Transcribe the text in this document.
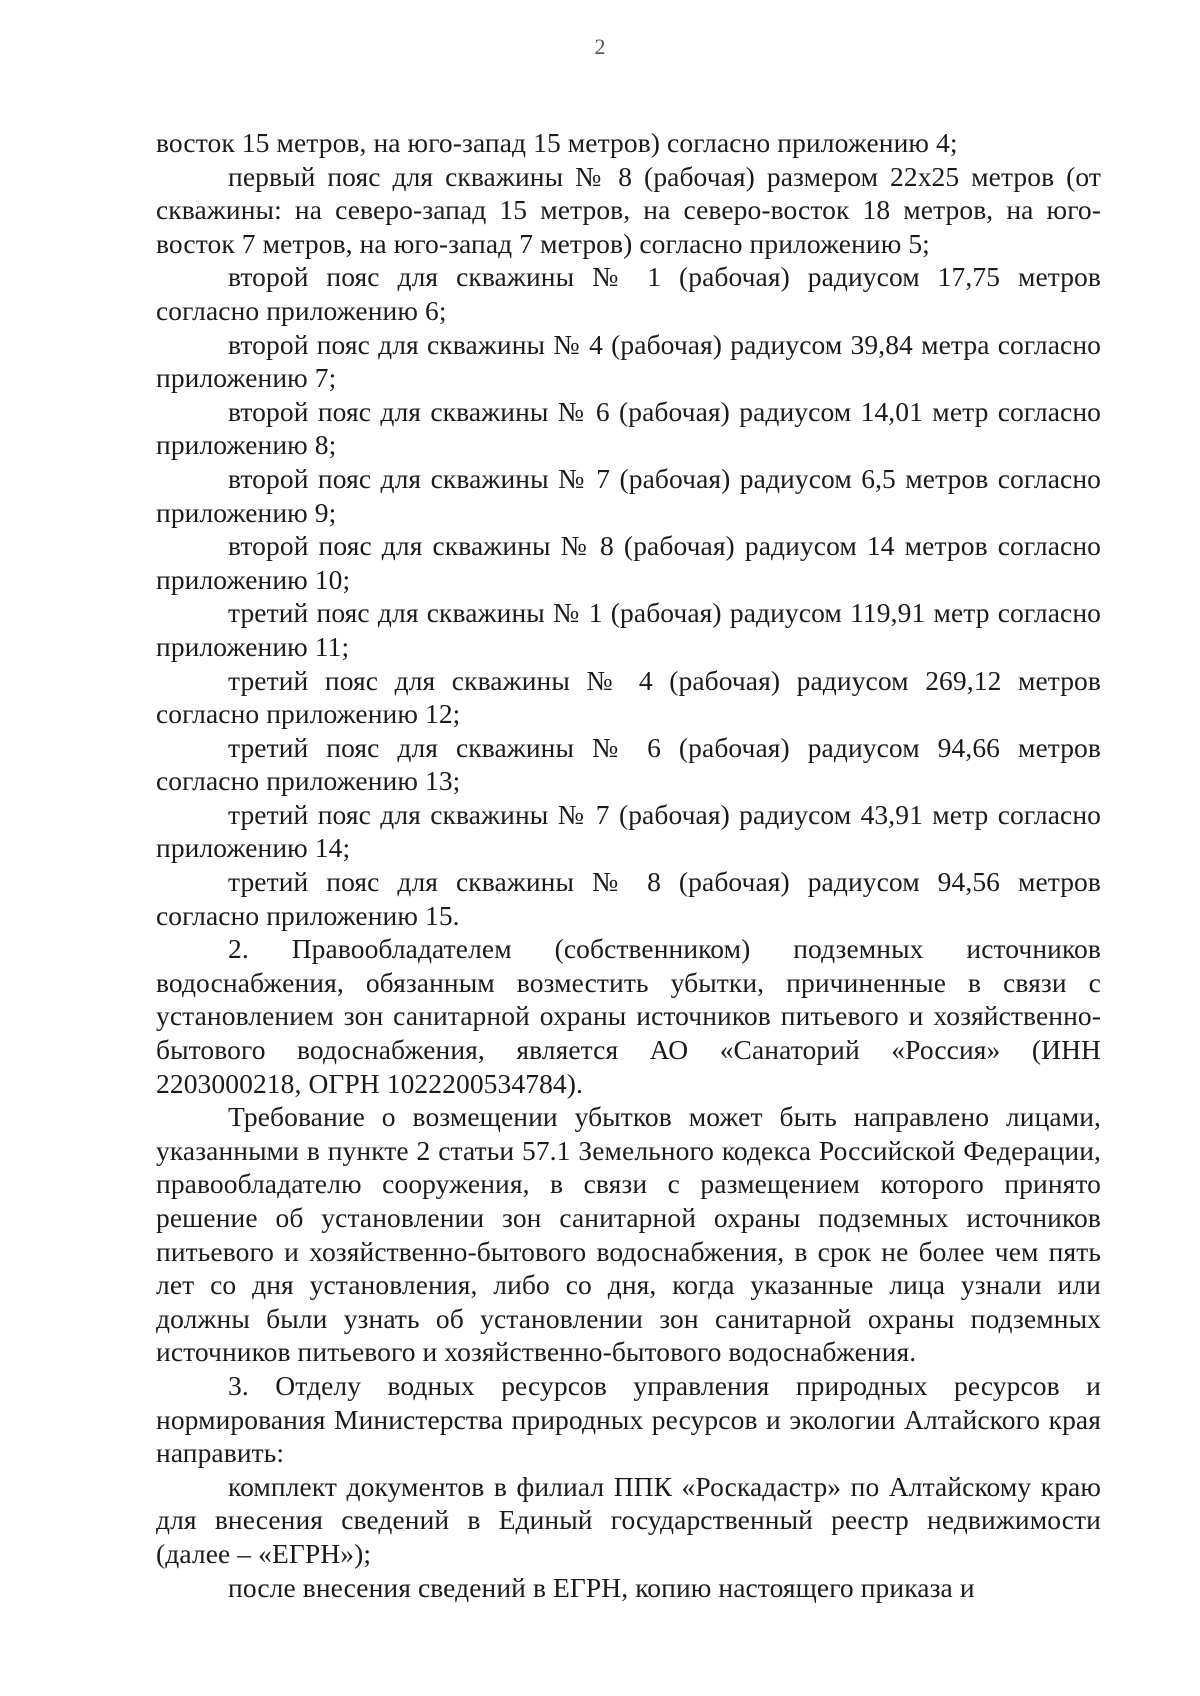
2

восток 15 метров, на юго-запад 15 метров) согласно приложению 4;

первый пояс для скважины № 8 (рабочая) размером 22х25 метров (от скважины: на северо-запад 15 метров, на северо-восток 18 метров, на юго-восток 7 метров, на юго-запад 7 метров) согласно приложению 5;

второй пояс для скважины № 1 (рабочая) радиусом 17,75 метров согласно приложению 6;

второй пояс для скважины № 4 (рабочая) радиусом 39,84 метра согласно приложению 7;

второй пояс для скважины № 6 (рабочая) радиусом 14,01 метр согласно приложению 8;

второй пояс для скважины № 7 (рабочая) радиусом 6,5 метров согласно приложению 9;

второй пояс для скважины № 8 (рабочая) радиусом 14 метров согласно приложению 10;

третий пояс для скважины № 1 (рабочая) радиусом 119,91 метр согласно приложению 11;

третий пояс для скважины № 4 (рабочая) радиусом 269,12 метров согласно приложению 12;

третий пояс для скважины № 6 (рабочая) радиусом 94,66 метров согласно приложению 13;

третий пояс для скважины № 7 (рабочая) радиусом 43,91 метр согласно приложению 14;

третий пояс для скважины № 8 (рабочая) радиусом 94,56 метров согласно приложению 15.

2. Правообладателем (собственником) подземных источников водоснабжения, обязанным возместить убытки, причиненные в связи с установлением зон санитарной охраны источников питьевого и хозяйственно-бытового водоснабжения, является АО «Санаторий «Россия» (ИНН 2203000218, ОГРН 1022200534784).

Требование о возмещении убытков может быть направлено лицами, указанными в пункте 2 статьи 57.1 Земельного кодекса Российской Федерации, правообладателю сооружения, в связи с размещением которого принято решение об установлении зон санитарной охраны подземных источников питьевого и хозяйственно-бытового водоснабжения, в срок не более чем пять лет со дня установления, либо со дня, когда указанные лица узнали или должны были узнать об установлении зон санитарной охраны подземных источников питьевого и хозяйственно-бытового водоснабжения.

3. Отделу водных ресурсов управления природных ресурсов и нормирования Министерства природных ресурсов и экологии Алтайского края направить:

комплект документов в филиал ППК «Роскадастр» по Алтайскому краю для внесения сведений в Единый государственный реестр недвижимости (далее – «ЕГРН»);

после внесения сведений в ЕГРН, копию настоящего приказа и
